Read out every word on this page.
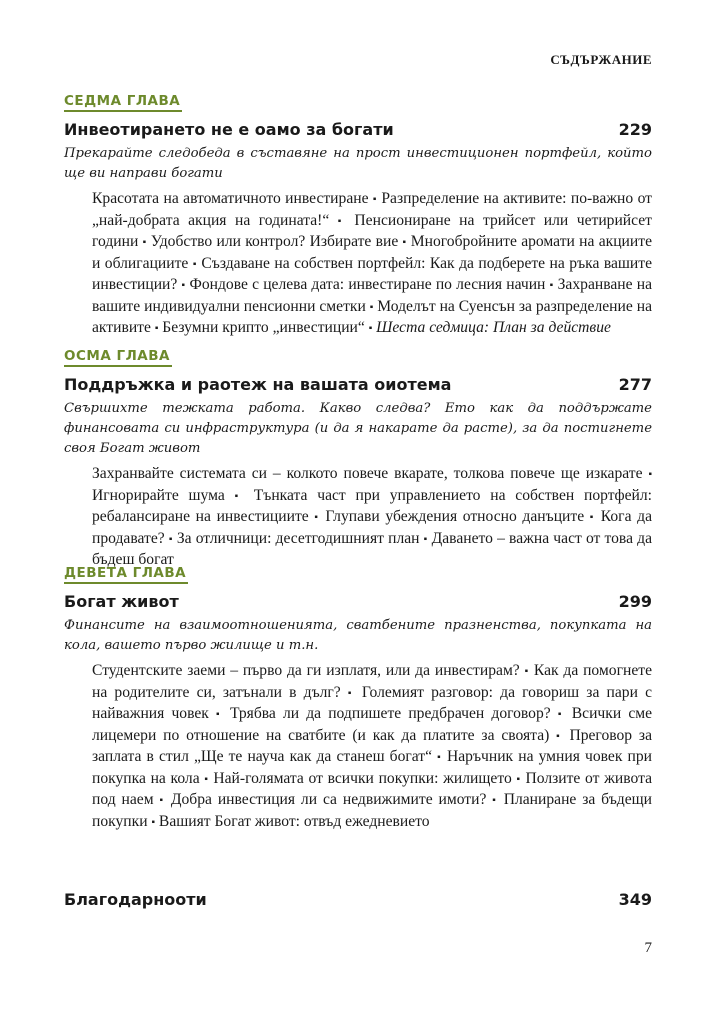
СЪДЪРЖАНИЕ
СЕДМА ГЛАВА
Инвеотирането не е оамо за богати	229
Прекарайте следобеда в съставяне на прост инвестиционен портфейл, който ще ви направи богати
Красотата на автоматичното инвестиране ▪ Разпределение на активите: по-важно от „най-добрата акция на годината!“ ▪ Пенсиониране на трийсет или четирийсет години ▪ Удобство или контрол? Избирате вие ▪ Многобройните аромати на акциите и облигациите ▪ Създаване на собствен портфейл: Как да подберете на ръка вашите инвестиции? ▪ Фондове с целева дата: инвестиране по лесния начин ▪ Захранване на вашите индивидуални пенсионни сметки ▪ Моделът на Суенсън за разпределение на активите ▪ Безумни крипто „инвестиции“ ▪ Шеста седмица: План за действие
ОСМА ГЛАВА
Поддръжка и раотеж на вашата оиотема	277
Свършихте тежката работа. Какво следва? Ето как да поддържате финансовата си инфраструктура (и да я накарате да расте), за да постигнете своя Богат живот
Захранвайте системата си – колкото повече вкарате, толкова повече ще изкарате ▪ Игнорирайте шума ▪ Тънката част при управлението на собствен портфейл: ребалансиране на инвестициите ▪ Глупави убеждения относно данъците ▪ Кога да продавате? ▪ За отличници: десетгодишният план ▪ Даването – важна част от това да бъдеш богат
ДЕВЕТА ГЛАВА
Богат живот	299
Финансите на взаимоотношенията, сватбените празненства, покупката на кола, вашето първо жилище и т.н.
Студентските заеми – първо да ги изплатя, или да инвестирам? ▪ Как да помогнете на родителите си, затънали в дълг? ▪ Големият разговор: да говориш за пари с найважния човек ▪ Трябва ли да подпишете предбрачен договор? ▪ Всички сме лицемери по отношение на сватбите (и как да платите за своята) ▪ Преговор за заплата в стил „Ще те науча как да станеш богат“ ▪ Наръчник на умния човек при покупка на кола ▪ Най-голямата от всички покупки: жилището ▪ Ползите от живота под наем ▪ Добра инвестиция ли са недвижимите имоти? ▪ Планиране за бъдещи покупки ▪ Вашият Богат живот: отвъд ежедневието
Благодарноoти	349
7
